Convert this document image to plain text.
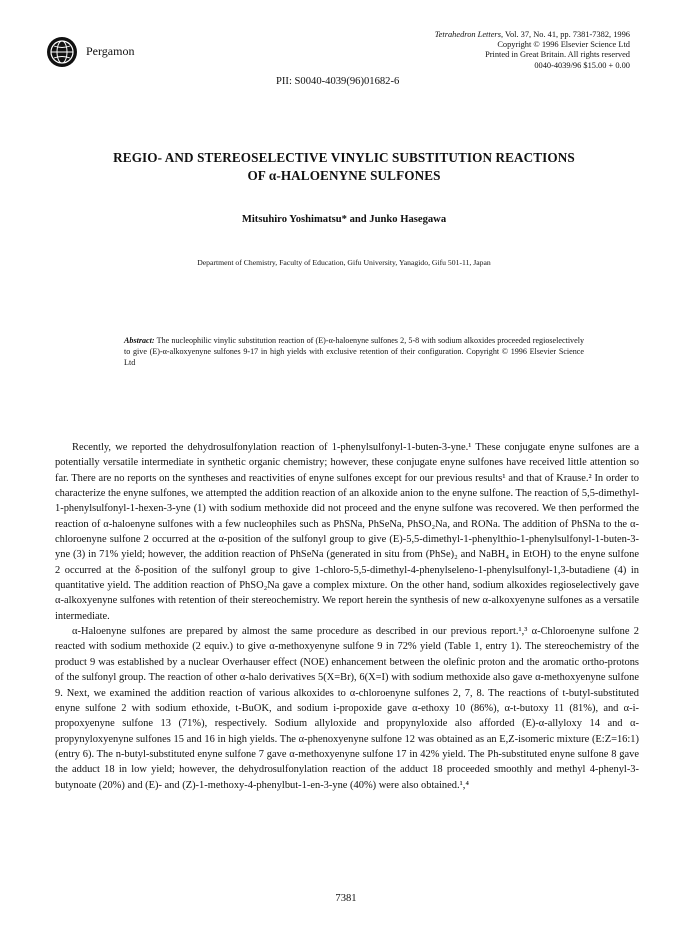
Pergamon
Tetrahedron Letters, Vol. 37, No. 41, pp. 7381-7382, 1996
Copyright © 1996 Elsevier Science Ltd
Printed in Great Britain. All rights reserved
0040-4039/96 $15.00 + 0.00
PII: S0040-4039(96)01682-6
REGIO- AND STEREOSELECTIVE VINYLIC SUBSTITUTION REACTIONS
OF α-HALOENYNE SULFONES
Mitsuhiro Yoshimatsu* and Junko Hasegawa
Department of Chemistry, Faculty of Education, Gifu University, Yanagido, Gifu 501-11, Japan
Abstract: The nucleophilic vinylic substitution reaction of (E)-α-haloenyne sulfones 2, 5-8 with sodium alkoxides proceeded regioselectively to give (E)-α-alkoxyenyne sulfones 9-17 in high yields with exclusive retention of their configuration. Copyright © 1996 Elsevier Science Ltd

Recently, we reported the dehydrosulfonylation reaction of 1-phenylsulfonyl-1-buten-3-yne.¹ These conjugate enyne sulfones are a potentially versatile intermediate in synthetic organic chemistry; however, these conjugate enyne sulfones have received little attention so far. There are no reports on the syntheses and reactivities of enyne sulfones except for our previous results¹ and that of Krause.² In order to characterize the enyne sulfones, we attempted the addition reaction of an alkoxide anion to the enyne sulfone. The reaction of 5,5-dimethyl-1-phenylsulfonyl-1-hexen-3-yne (1) with sodium methoxide did not proceed and the enyne sulfone was recovered. We then performed the reaction of α-haloenyne sulfones with a few nucleophiles such as PhSNa, PhSeNa, PhSO₂Na, and RONa. The addition of PhSNa to the α-chloroenyne sulfone 2 occurred at the α-position of the sulfonyl group to give (E)-5,5-dimethyl-1-phenylthio-1-phenylsulfonyl-1-buten-3-yne (3) in 71% yield; however, the addition reaction of PhSeNa (generated in situ from (PhSe)₂ and NaBH₄ in EtOH) to the enyne sulfone 2 occurred at the δ-position of the sulfonyl group to give 1-chloro-5,5-dimethyl-4-phenylseleno-1-phenylsulfonyl-1,3-butadiene (4) in quantitative yield. The addition reaction of PhSO₂Na gave a complex mixture. On the other hand, sodium alkoxides regioselectively gave α-alkoxyenyne sulfones with retention of their stereochemistry. We report herein the synthesis of new α-alkoxyenyne sulfones as a versatile intermediate.

α-Haloenyne sulfones are prepared by almost the same procedure as described in our previous report.¹,³ α-Chloroenyne sulfone 2 reacted with sodium methoxide (2 equiv.) to give α-methoxyenyne sulfone 9 in 72% yield (Table 1, entry 1). The stereochemistry of the product 9 was established by a nuclear Overhauser effect (NOE) enhancement between the olefinic proton and the aromatic ortho-protons of the sulfonyl group. The reaction of other α-halo derivatives 5(X=Br), 6(X=I) with sodium methoxide also gave α-methoxyenyne sulfone 9. Next, we examined the addition reaction of various alkoxides to α-chloroenyne sulfones 2, 7, 8. The reactions of t-butyl-substituted enyne sulfone 2 with sodium ethoxide, t-BuOK, and sodium i-propoxide gave α-ethoxy 10 (86%), α-t-butoxy 11 (81%), and α-i-propoxyenyne sulfone 13 (71%), respectively. Sodium allyloxide and propynyloxide also afforded (E)-α-allyloxy 14 and α-propynyloxyenyne sulfones 15 and 16 in high yields. The α-phenoxyenyne sulfone 12 was obtained as an E,Z-isomeric mixture (E:Z=16:1) (entry 6). The n-butyl-substituted enyne sulfone 7 gave α-methoxyenyne sulfone 17 in 42% yield. The Ph-substituted enyne sulfone 8 gave the adduct 18 in low yield; however, the dehydrosulfonylation reaction of the adduct 18 proceeded smoothly and methyl 4-phenyl-3-butynoate (20%) and (E)- and (Z)-1-methoxy-4-phenylbut-1-en-3-yne (40%) were also obtained.¹,⁴

7381
